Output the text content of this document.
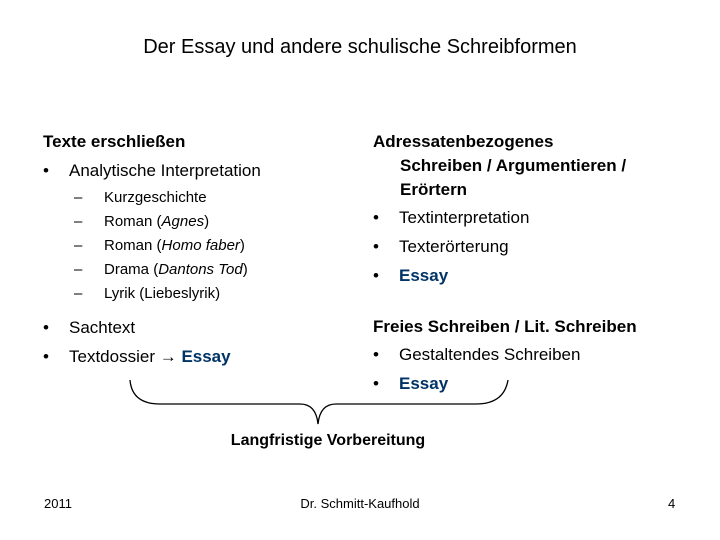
Der Essay und andere schulische Schreibformen
Texte erschließen
• Analytische Interpretation
– Kurzgeschichte
– Roman (Agnes)
– Roman (Homo faber)
– Drama (Dantons Tod)
– Lyrik (Liebeslyrik)
• Sachtext
• Textdossier → Essay
Adressatenbezogenes
Schreiben / Argumentieren /
Erörtern
• Textinterpretation
• Texterörterung
• Essay
Freies Schreiben / Lit. Schreiben
• Gestaltendes Schreiben
• Essay
Langfristige Vorbereitung
2011	Dr. Schmitt-Kaufhold	4
